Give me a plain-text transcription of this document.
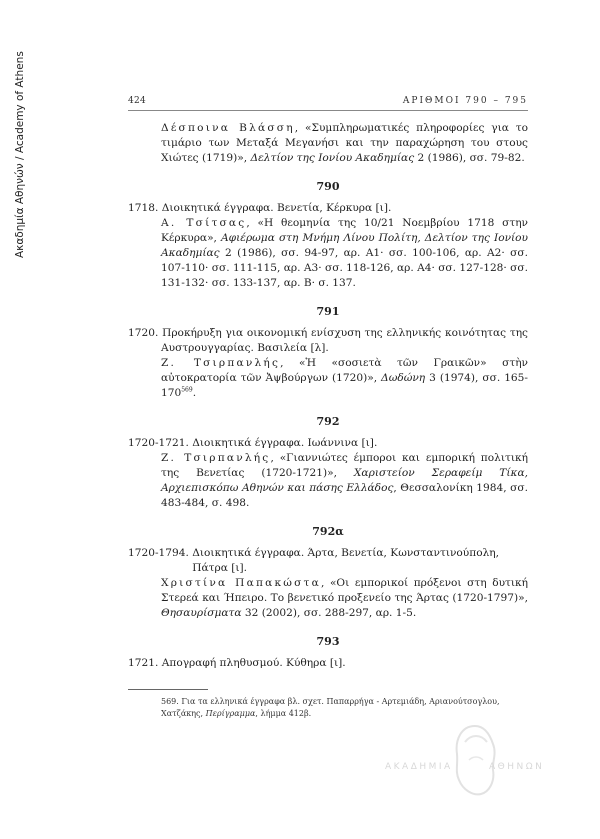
Ακαδημία Αθηνών / Academy of Athens	424	ΑΡΙΘΜΟΙ 790 – 795
Δέσποινα Βλάσση, «Συμπληρωματικές πληροφορίες για το τιμάριο των Μεταξά Μεγανήσι και την παραχώρηση του στους Χιώτες (1719)», Δελτίον της Ιονίου Ακαδημίας 2 (1986), σσ. 79-82.
790
1718.
Διοικητικά έγγραφα. Βενετία, Κέρκυρα [ι].
Α. Τσίτσας, «Η θεομηνία της 10/21 Νοεμβρίου 1718 στην Κέρκυρα», Αφιέρωμα στη Μνήμη Λίνου Πολίτη, Δελτίον της Ιονίου Ακαδημίας 2 (1986), σσ. 94-97, αρ. Α1· σσ. 100-106, αρ. Α2· σσ. 107-110· σσ. 111-115, αρ. Α3· σσ. 118-126, αρ. Α4· σσ. 127-128· σσ. 131-132· σσ. 133-137, αρ. Β· σ. 137.
791
1720. Προκήρυξη για οικονομική ενίσχυση της ελληνικής κοινότητας της Αυστρουγγαρίας. Βασιλεία [λ].
Ζ. Τσιρπανλής, «Ἡ «σοσιετὰ τῶν Γραικῶν» στὴν αὐτοκρατορία τῶν Ἀψβούργων (1720)», Δωδώνη 3 (1974), σσ. $165-170^{569}$.
792
1720-1721.
Διοικητικά έγγραφα. Ιωάννινα [ι].
Ζ. Τσιρπανλής, «Γιαννιώτες έμποροι και εμπορική πολιτική της Βενετίας (1720-1721)», Χαριστείον Σεραφείμ Τίκα, Αρχιεπισκόπω Αθηνών και πάσης Ελλάδος, Θεσσαλονίκη 1984, σσ. 483-484, σ. 498.
792α
1720-1794.
Διοικητικά έγγραφα. Άρτα, Βενετία, Κωνσταντινούπολη, Πάτρα [ι].
Χριστίνα Παπακώστα, «Οι εμπορικοί πρόξενοι στη δυτική Στερεά και Ήπειρο. Το βενετικό προξενείο της Άρτας (1720-1797)», Θησαυρίσματα 32 (2002), σσ. 288-297, αρ. 1-5.
793
1721.
Απογραφή πληθυσμού. Κύθηρα [ι].
569. Για τα ελληνικά έγγραφα βλ. σχετ. Παπαρρήγα - Αρτεμιάδη, Αριανούτσογλου, Χατζάκης, Περίγραμμα, λήμμα 412β.
ΑΚΑΔΗΜΙΑ	ΑΘΗΝΩΝ
